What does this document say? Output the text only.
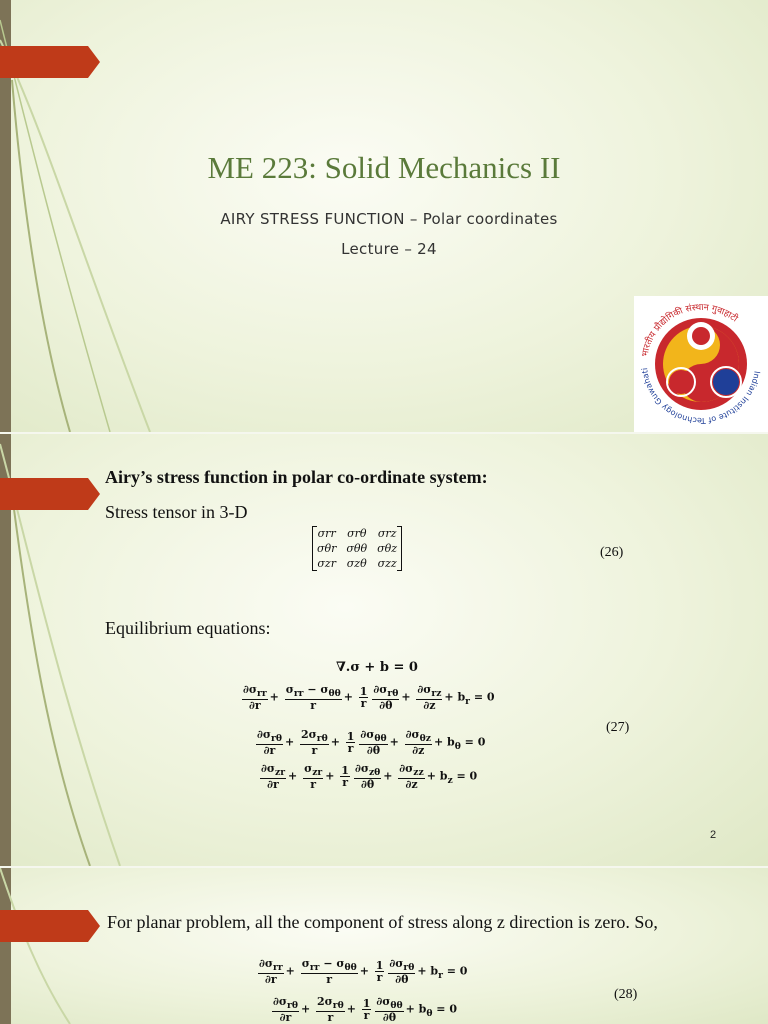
ME 223: Solid Mechanics II
AIRY STRESS FUNCTION – Polar coordinates
Lecture – 24
भारतीय प्रौद्योगिकी संस्थान गुवाहाटी
Indian Institute of Technology Guwahati
Airy’s stress function in polar co-ordinate system:
Stress tensor in 3-D
σrr	σrθ	σrz
σθr	σθθ	σθz
σzr	σzθ	σzz
(26)
Equilibrium equations:
∇.σ + b = 0
$\frac{\partial\sigma_{rr}}{\partial r} + \frac{\sigma_{rr} - \sigma_{\theta\theta}}{r} + \frac{1}{r} \frac{\partial\sigma_{r\theta}}{\partial\theta} + \frac{\partial\sigma_{rz}}{\partial z} + b_r = 0$
$\frac{\partial\sigma_{r\theta}}{\partial r} + \frac{2\sigma_{r\theta}}{r} + \frac{1}{r} \frac{\partial\sigma_{\theta\theta}}{\partial\theta} + \frac{\partial\sigma_{\theta z}}{\partial z} + b_\theta = 0$
$\frac{\partial\sigma_{zr}}{\partial r} + \frac{\sigma_{zr}}{r} + \frac{1}{r} \frac{\partial\sigma_{z\theta}}{\partial\theta} + \frac{\partial\sigma_{zz}}{\partial z} + b_z = 0$
(27)
2
For planar problem, all the component of stress along z direction is zero. So,
$\frac{\partial\sigma_{rr}}{\partial r} + \frac{\sigma_{rr} - \sigma_{\theta\theta}}{r} + \frac{1}{r} \frac{\partial\sigma_{r\theta}}{\partial\theta} + b_r = 0$
$\frac{\partial\sigma_{r\theta}}{\partial r} + \frac{2\sigma_{r\theta}}{r} + \frac{1}{r} \frac{\partial\sigma_{\theta\theta}}{\partial\theta} + b_\theta = 0$
(28)
